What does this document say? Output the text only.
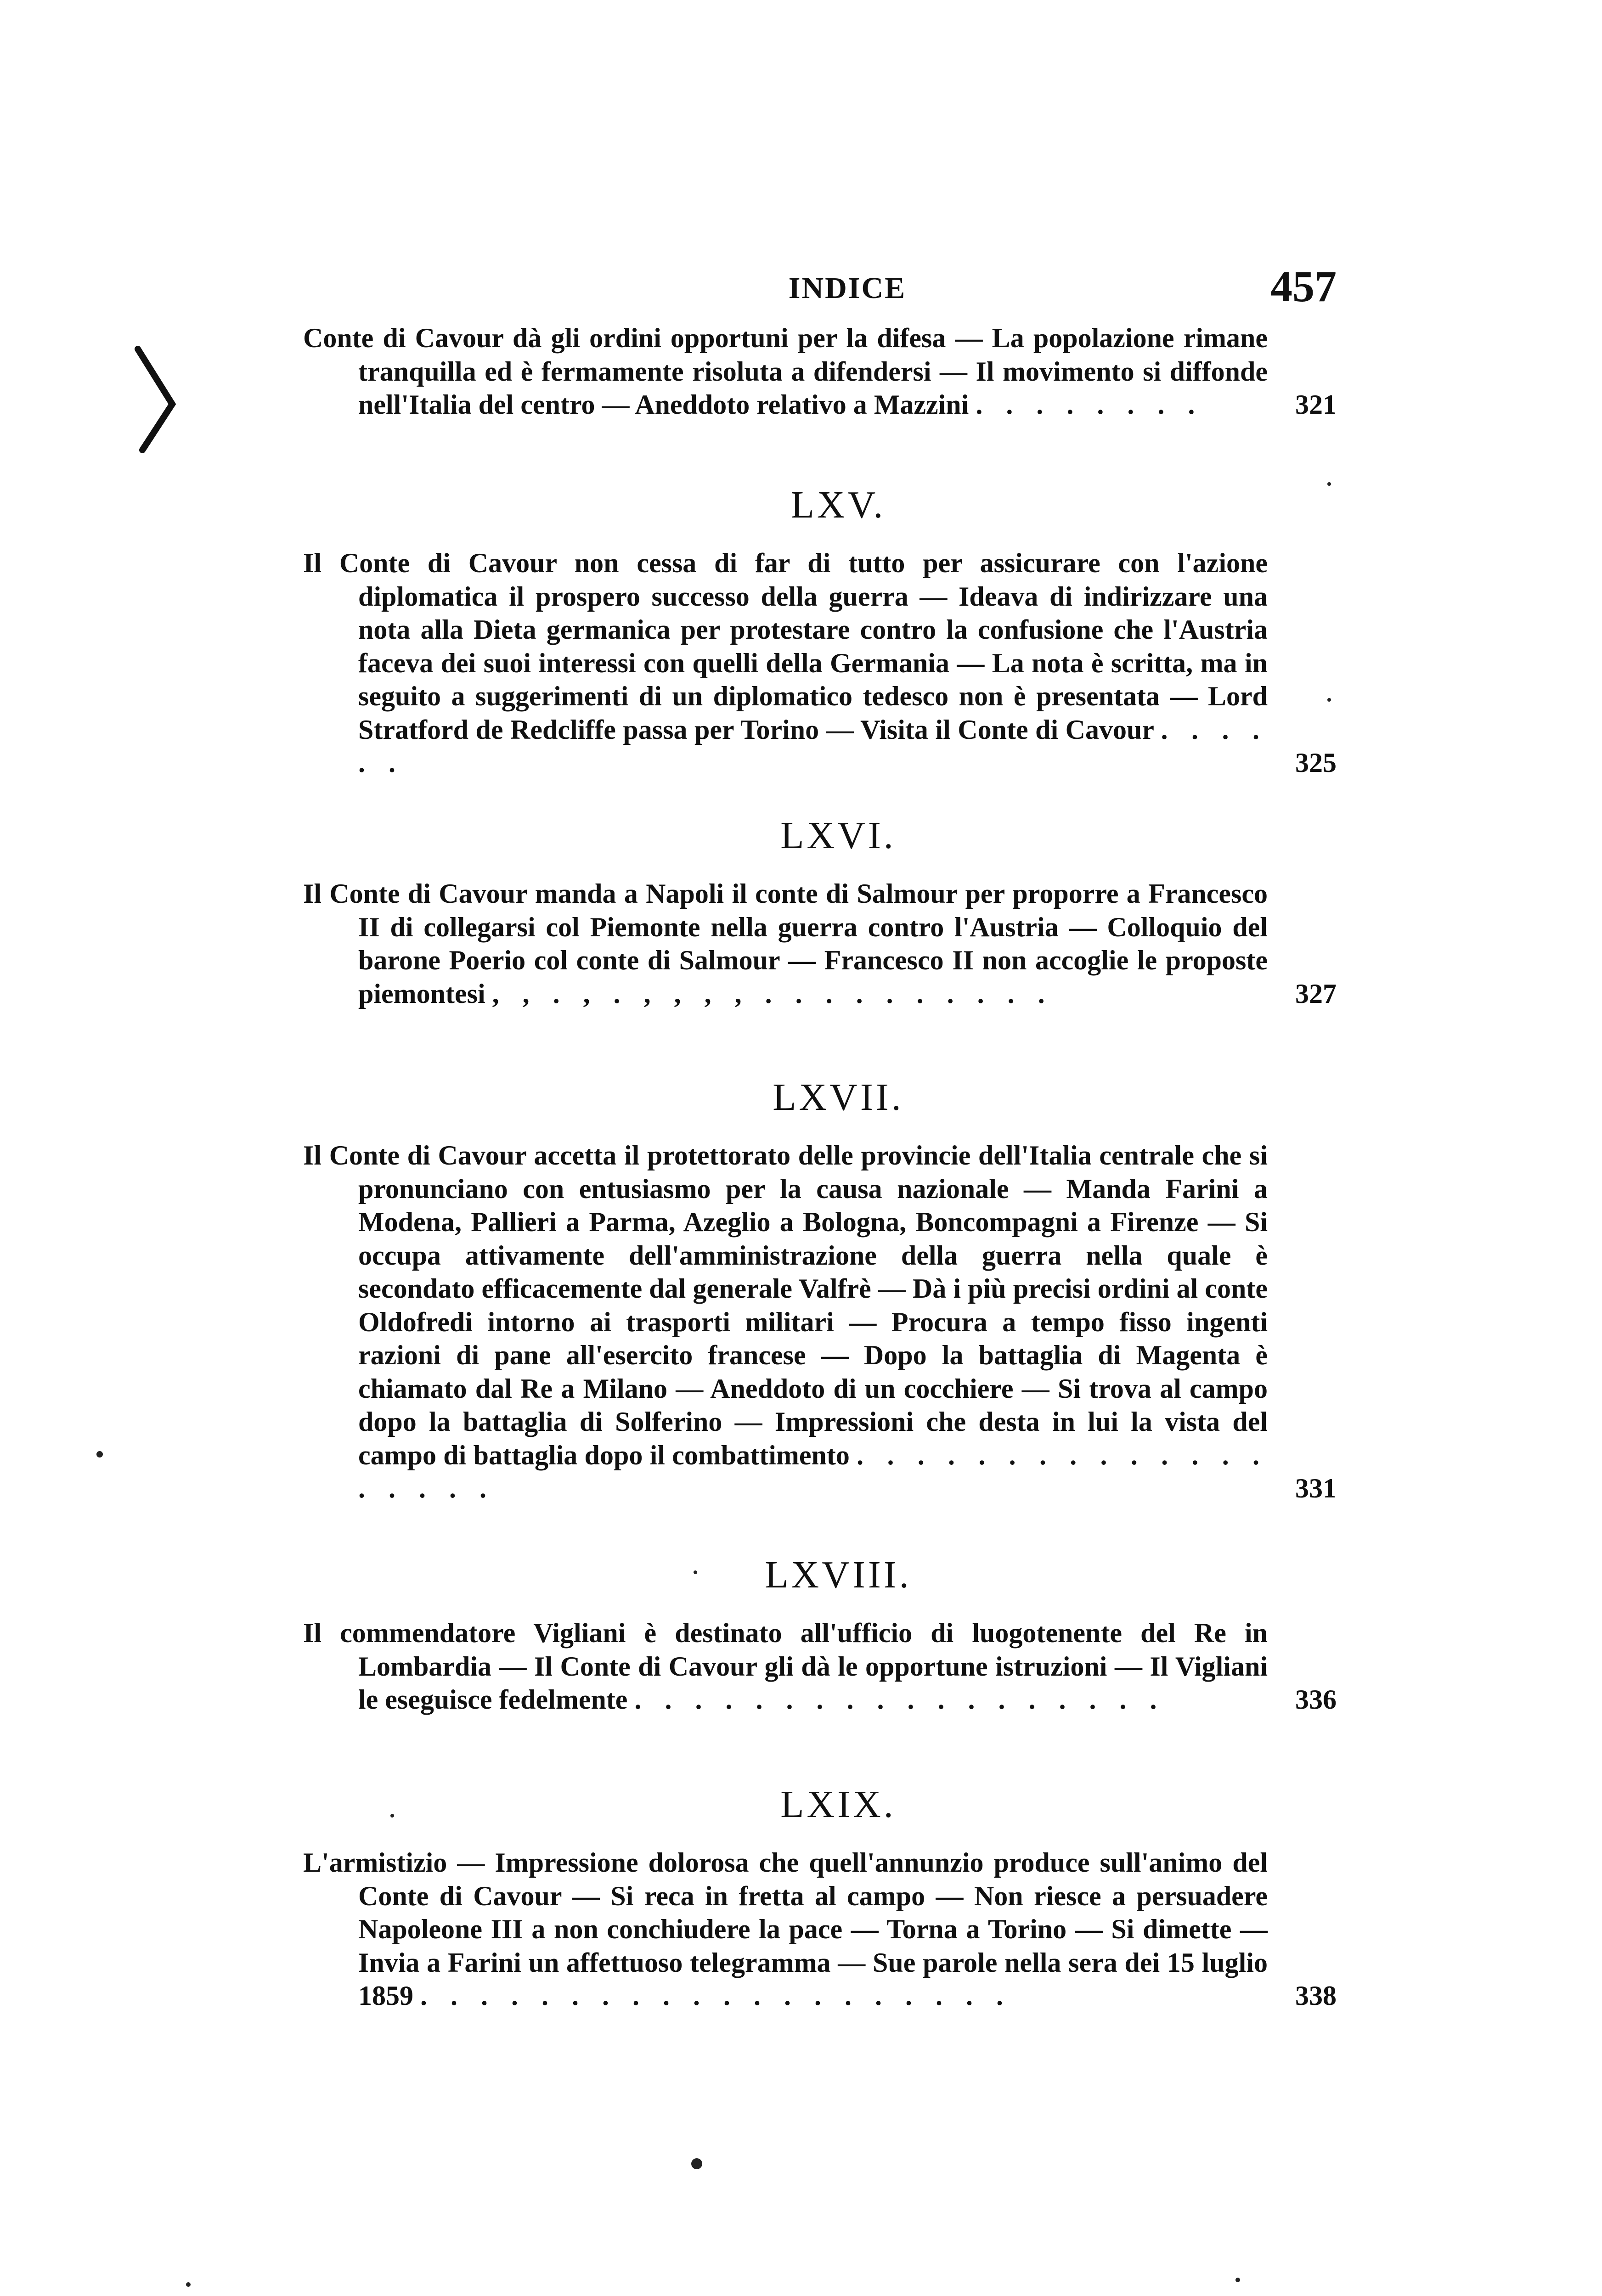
INDICE	457
Conte di Cavour dà gli ordini opportuni per la difesa — La popolazione rimane tranquilla ed è fermamente risoluta a difendersi — Il movimento si diffonde nell'Italia del centro — Aneddoto relativo a Mazzini . . . . . . . .	321
LXV.
Il Conte di Cavour non cessa di far di tutto per assicurare con l'azione diplomatica il prospero successo della guerra — Ideava di indirizzare una nota alla Dieta germanica per protestare contro la confusione che l'Austria faceva dei suoi interessi con quelli della Germania — La nota è scritta, ma in seguito a suggerimenti di un diplomatico tedesco non è presentata — Lord Stratford de Redcliffe passa per Torino — Visita il Conte di Cavour . . . . . .	325
LXVI.
Il Conte di Cavour manda a Napoli il conte di Salmour per proporre a Francesco II di collegarsi col Piemonte nella guerra contro l'Austria — Colloquio del barone Poerio col conte di Salmour — Francesco II non accoglie le proposte piemontesi , , . , . , , , , . . . . . . . . . .	327
LXVII.
Il Conte di Cavour accetta il protettorato delle provincie dell'Italia centrale che si pronunciano con entusiasmo per la causa nazionale — Manda Farini a Modena, Pallieri a Parma, Azeglio a Bologna, Boncompagni a Firenze — Si occupa attivamente dell'amministrazione della guerra nella quale è secondato efficacemente dal generale Valfrè — Dà i più precisi ordini al conte Oldofredi intorno ai trasporti militari — Procura a tempo fisso ingenti razioni di pane all'esercito francese — Dopo la battaglia di Magenta è chiamato dal Re a Milano — Aneddoto di un cocchiere — Si trova al campo dopo la battaglia di Solferino — Impressioni che desta in lui la vista del campo di battaglia dopo il combattimento . . . . . . . . . . . . . . . . . . .	331
LXVIII.
Il commendatore Vigliani è destinato all'ufficio di luogotenente del Re in Lombardia — Il Conte di Cavour gli dà le opportune istruzioni — Il Vigliani le eseguisce fedelmente . . . . . . . . . . . . . . . . . .	336
LXIX.
L'armistizio — Impressione dolorosa che quell'annunzio produce sull'animo del Conte di Cavour — Si reca in fretta al campo — Non riesce a persuadere Napoleone III a non conchiudere la pace — Torna a Torino — Si dimette — Invia a Farini un affettuoso telegramma — Sue parole nella sera dei 15 luglio 1859 . . . . . . . . . . . . . . . . . . . .	338
